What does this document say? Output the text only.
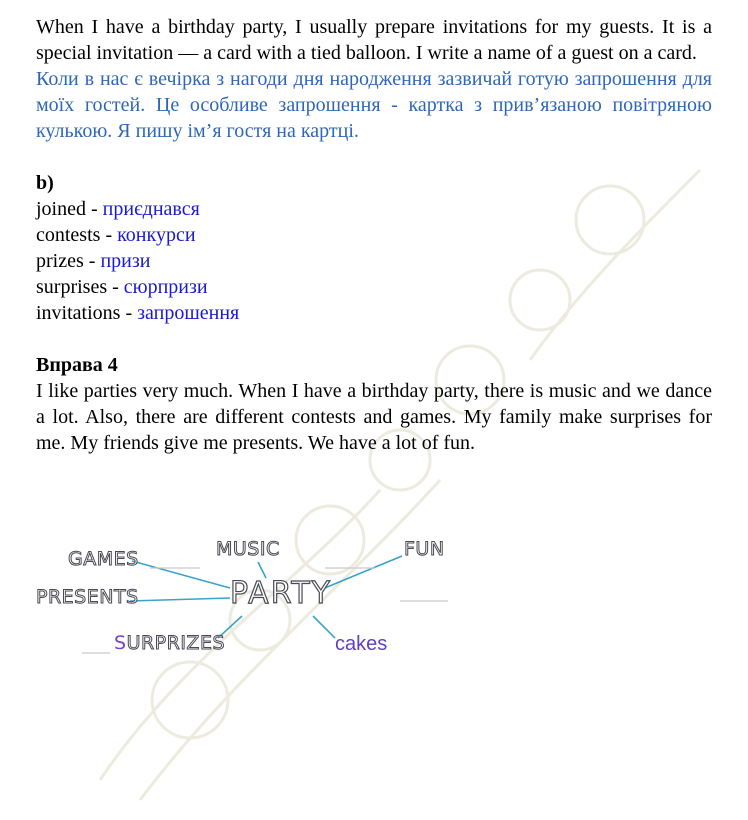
When I have a birthday party, I usually prepare invitations for my guests. It is a special invitation — a card with a tied balloon. I write a name of a guest on a card.

Коли в нас є вечірка з нагоди дня народження зазвичай готую запрошення для моїх гостей. Це особливе запрошення - картка з прив’язаною повітряною кулькою. Я пишу ім’я гостя на картці.

b)

joined - приєднався

contests - конкурси

prizes - призи

surprises - сюрпризи

invitations - запрошення

Вправа 4

I like parties very much. When I have a birthday party, there is music and we dance a lot. Also, there are different contests and games. My family make surprises for me. My friends give me presents. We have a lot of fun.

GAMES	MUSIC	FUN
PRESENTS	PARTY
SURPRIZES	cakes
